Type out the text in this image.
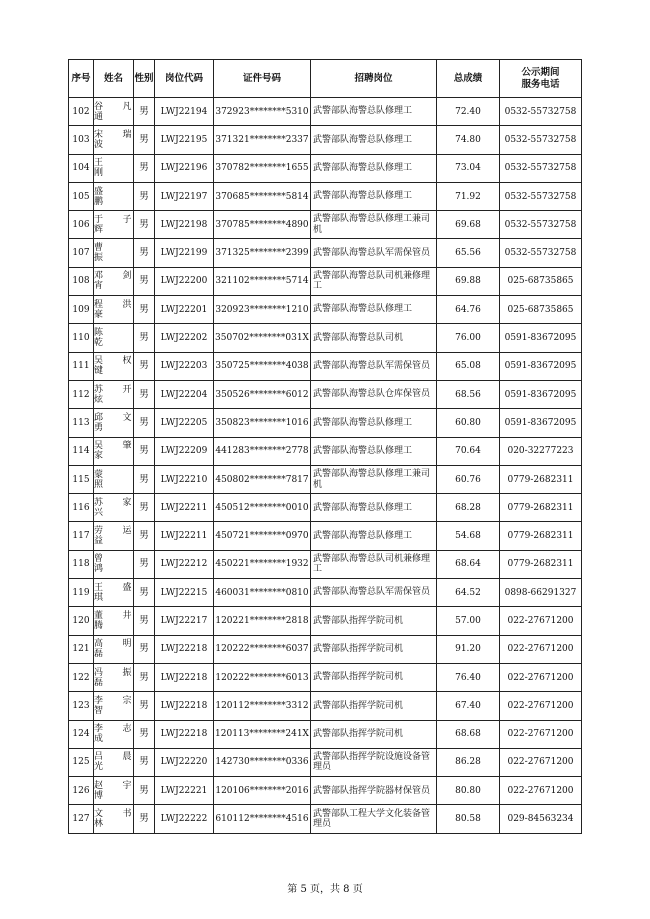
序号	姓名	性别	岗位代码	证件号码	招聘岗位	总成绩	公示期间
服务电话
102	谷 凡 通	男	LWJ22194	372923********5310	武警部队海警总队修理工	72.40	0532-55732758
103	宋 瑞 波	男	LWJ22195	371321********2337	武警部队海警总队修理工	74.80	0532-55732758
104	王　　刚	男	LWJ22196	370782********1655	武警部队海警总队修理工	73.04	0532-55732758
105	盛　　鹏	男	LWJ22197	370685********5814	武警部队海警总队修理工	71.92	0532-55732758
106	于 子 辉	男	LWJ22198	370785********4890	武警部队海警总队修理工兼司机	69.68	0532-55732758
107	曹　　振	男	LWJ22199	371325********2399	武警部队海警总队军需保管员	65.56	0532-55732758
108	邓 剑 宵	男	LWJ22200	321102********5714	武警部队海警总队司机兼修理工	69.88	025-68735865
109	程 洪 豪	男	LWJ22201	320923********1210	武警部队海警总队修理工	64.76	025-68735865
110	陈　　乾	男	LWJ22202	350702********031X	武警部队海警总队司机	76.00	0591-83672095
111	吴 权 键	男	LWJ22203	350725********4038	武警部队海警总队军需保管员	65.08	0591-83672095
112	苏 开 炫	男	LWJ22204	350526********6012	武警部队海警总队仓库保管员	68.56	0591-83672095
113	邱 文 勇	男	LWJ22205	350823********1016	武警部队海警总队修理工	60.80	0591-83672095
114	吴 肇 家	男	LWJ22209	441283********2778	武警部队海警总队修理工	70.64	020-32277223
115	蒙　　照	男	LWJ22210	450802********7817	武警部队海警总队修理工兼司机	60.76	0779-2682311
116	苏 家 兴	男	LWJ22211	450512********0010	武警部队海警总队修理工	68.28	0779-2682311
117	劳 运 益	男	LWJ22211	450721********0970	武警部队海警总队修理工	54.68	0779-2682311
118	曾　　鸿	男	LWJ22212	450221********1932	武警部队海警总队司机兼修理工	68.64	0779-2682311
119	王 盛 琪	男	LWJ22215	460031********0810	武警部队海警总队军需保管员	64.52	0898-66291327
120	董 井 腾	男	LWJ22217	120221********2818	武警部队指挥学院司机	57.00	022-27671200
121	高 明 磊	男	LWJ22218	120222********6037	武警部队指挥学院司机	91.20	022-27671200
122	冯 振 磊	男	LWJ22218	120222********6013	武警部队指挥学院司机	76.40	022-27671200
123	李 宗 智	男	LWJ22218	120112********3312	武警部队指挥学院司机	67.40	022-27671200
124	李 志 成	男	LWJ22218	120113********241X	武警部队指挥学院司机	68.68	022-27671200
125	吕 晨 光	男	LWJ22220	142730********0336	武警部队指挥学院设施设备管理员	86.28	022-27671200
126	赵 宇 博	男	LWJ22221	120106********2016	武警部队指挥学院器材保管员	80.80	022-27671200
127	文 书 林	男	LWJ22222	610112********4516	武警部队工程大学文化装备管理员	80.58	029-84563234
第 5 页，共 8 页
